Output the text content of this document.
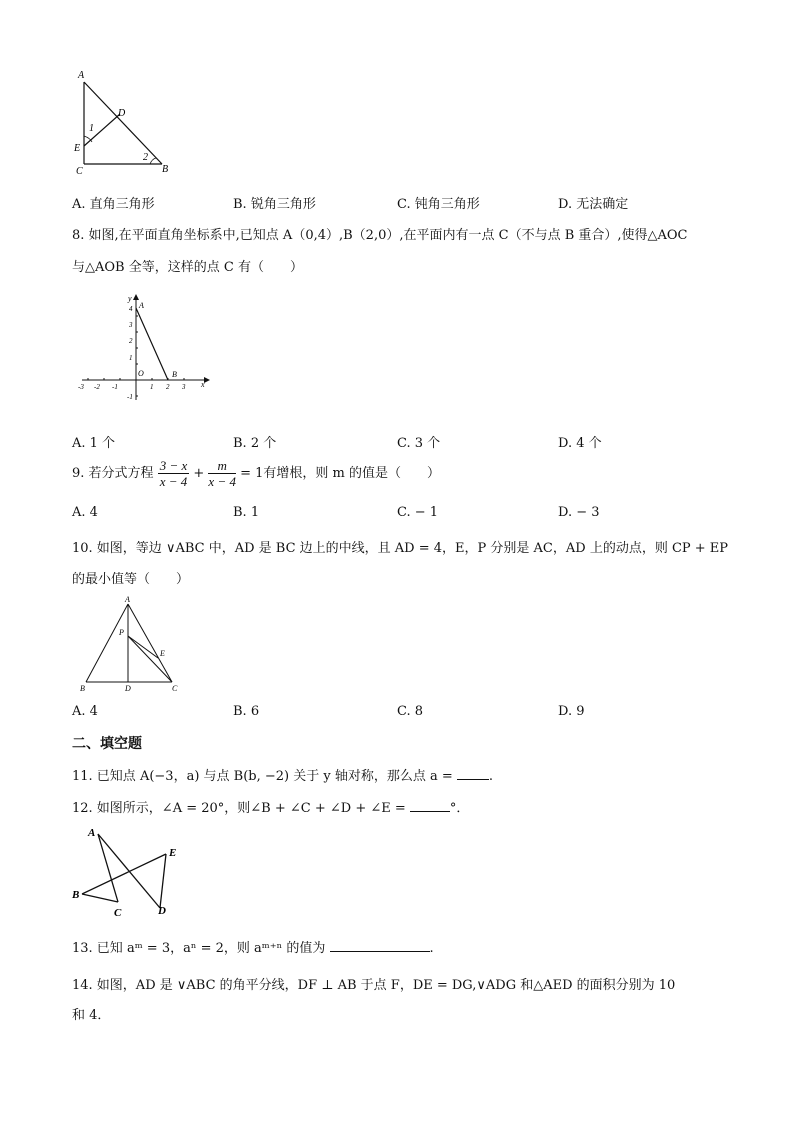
A
D
1
E
2
C	B
A. 直角三角形	B. 锐角三角形	C. 钝角三角形	D. 无法确定
8. 如图,在平面直角坐标系中,已知点 A（0,4）,B（2,0）,在平面内有一点 C（不与点 B 重合）,使得△AOC
与△AOB 全等，这样的点 C 有（　　）
y
x
A
B
O
-3 -2 -1	1 2 3
4
3
2
1
-1
A. 1 个	B. 2 个	C. 3 个	D. 4 个
9. 若分式方程 $\frac{3 - x}{x - 4} + \frac{m}{x - 4} = 1$有增根，则 m 的值是（　　）
A. 4	B. 1	C. − 1	D. − 3
10. 如图，等边 ∨ABC 中，AD 是 BC 边上的中线，且 AD = 4，E，P 分别是 AC，AD 上的动点，则 CP + EP
的最小值等（　　）
A
P
E
B	D	C
A. 4	B. 6	C. 8	D. 9
二、填空题
11. 已知点 A(−3，a) 与点 B(b, −2) 关于 y 轴对称，那么点 a =	.
12. 如图所示，∠A = 20°，则∠B + ∠C + ∠D + ∠E =	°．
A
E
B
C	D
13. 已知 aᵐ = 3，aⁿ = 2，则 aᵐ⁺ⁿ 的值为	.
14. 如图，AD 是 ∨ABC 的角平分线，DF ⊥ AB 于点 F，DE = DG,∨ADG 和△AED 的面积分别为 10
和 4．
